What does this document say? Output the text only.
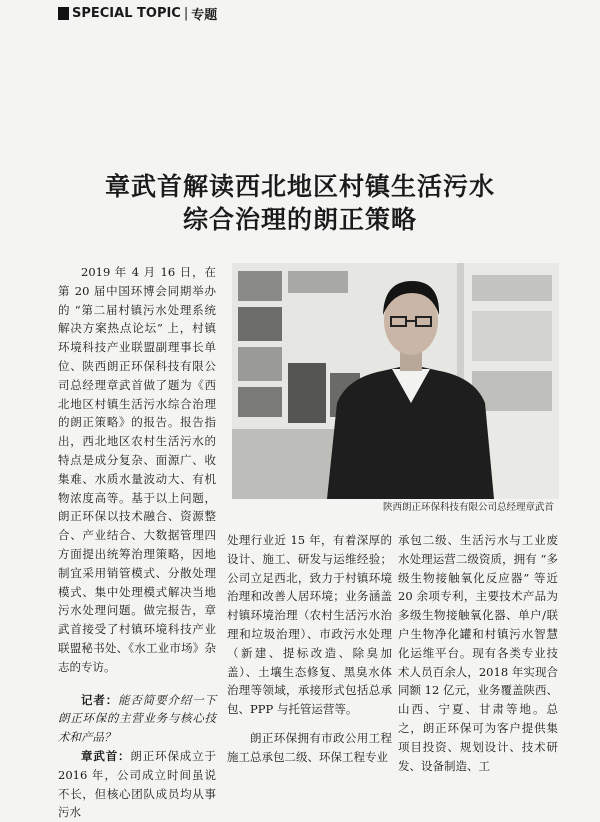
SPECIAL TOPIC | 专题
章武首解读西北地区村镇生活污水
综合治理的朗正策略

2019 年 4 月 16 日，在第 20 届中国环博会同期举办的 “第二届村镇污水处理系统解决方案热点论坛” 上，村镇环境科技产业联盟副理事长单位、陕西朗正环保科技有限公司总经理章武首做了题为《西北地区村镇生活污水综合治理的朗正策略》的报告。报告指出，西北地区农村生活污水的特点是成分复杂、面源广、收集难、水质水量波动大、有机物浓度高等。基于以上问题，朗正环保以技术融合、资源整合、产业结合、大数据管理四方面提出统筹治理策略，因地制宜采用销管模式、分散处理模式、集中处理模式解决当地污水处理问题。做完报告，章武首接受了村镇环境科技产业联盟秘书处、《水工业市场》杂志的专访。

记者：能否简要介绍一下朗正环保的主营业务与核心技术和产品？

章武首：朗正环保成立于 2016 年，公司成立时间虽说不长，但核心团队成员均从事污水

陕西朗正环保科技有限公司总经理章武首

处理行业近 15 年，有着深厚的设计、施工、研发与运维经验；公司立足西北，致力于村镇环境治理和改善人居环境；业务涵盖村镇环境治理（农村生活污水治理和垃圾治理）、市政污水处理（新建、提标改造、除臭加盖）、土壤生态修复、黑臭水体治理等领域，承接形式包括总承包、PPP 与托管运营等。

朗正环保拥有市政公用工程施工总承包二级、环保工程专业

承包二级、生活污水与工业废水处理运营二级资质，拥有 “多级生物接触氧化反应器” 等近 20 余项专利，主要技术产品为多级生物接触氧化器、单户/联户生物净化罐和村镇污水智慧化运维平台。现有各类专业技术人员百余人，2018 年实现合同额 12 亿元，业务覆盖陕西、山西、宁夏、甘肃等地。总之，朗正环保可为客户提供集项目投资、规划设计、技术研发、设备制造、工
